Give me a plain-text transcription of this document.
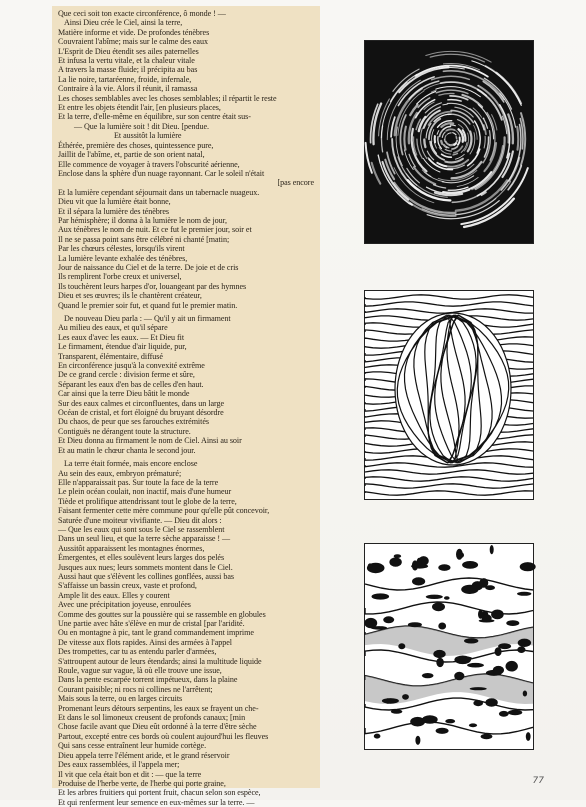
Que ceci soit ton exacte circonférence, ô monde ! —
Ainsi Dieu crée le Ciel, ainsi la terre,
Matière informe et vide. De profondes ténèbres
Couvraient l'abîme; mais sur le calme des eaux
L'Esprit de Dieu étendit ses ailes paternelles
Et infusa la vertu vitale, et la chaleur vitale
A travers la masse fluide; il précipita au bas
La lie noire, tartaréenne, froide, infernale,
Contraire à la vie. Alors il réunit, il ramassa
Les choses semblables avec les choses semblables; il répartit le reste
Et entre les objets étendit l'air, [en plusieurs places,
Et la terre, d'elle-même en équilibre, sur son centre était sus-
— Que la lumière soit ! dit Dieu. [pendue.
Et aussitôt la lumière
Éthérée, première des choses, quintessence pure,
Jaillit de l'abîme, et, partie de son orient natal,
Elle commence de voyager à travers l'obscurité aérienne,
Enclose dans la sphère d'un nuage rayonnant. Car le soleil n'était
[pas encore
Et la lumière cependant séjournait dans un tabernacle nuageux.
Dieu vit que la lumière était bonne,
Et il sépara la lumière des ténèbres
Par hémisphère; il donna à la lumière le nom de jour,
Aux ténèbres le nom de nuit. Et ce fut le premier jour, soir et
Il ne se passa point sans être célébré ni chanté [matin;
Par les chœurs célestes, lorsqu'ils virent
La lumière levante exhalée des ténèbres,
Jour de naissance du Ciel et de la terre. De joie et de cris
Ils remplirent l'orbe creux et universel,
Ils touchèrent leurs harpes d'or, louangeant par des hymnes
Dieu et ses œuvres; ils le chantèrent créateur,
Quand le premier soir fut, et quand fut le premier matin.
De nouveau Dieu parla : — Qu'il y ait un firmament
Au milieu des eaux, et qu'il sépare
Les eaux d'avec les eaux. — Et Dieu fit
Le firmament, étendue d'air liquide, pur,
Transparent, élémentaire, diffusé
En circonférence jusqu'à la convexité extrême
De ce grand cercle : division ferme et sûre,
Séparant les eaux d'en bas de celles d'en haut.
Car ainsi que la terre Dieu bâtit le monde
Sur des eaux calmes et circonfluentes, dans un large
Océan de cristal, et fort éloigné du bruyant désordre
Du chaos, de peur que ses farouches extrémités
Contiguës ne dérangent toute la structure.
Et Dieu donna au firmament le nom de Ciel. Ainsi au soir
Et au matin le chœur chanta le second jour.
La terre était formée, mais encore enclose
Au sein des eaux, embryon prématuré;
Elle n'apparaissait pas. Sur toute la face de la terre
Le plein océan coulait, non inactif, mais d'une humeur
Tiède et prolifique attendrissant tout le globe de la terre,
Faisant fermenter cette mère commune pour qu'elle pût concevoir,
Saturée d'une moiteur vivifiante. — Dieu dit alors :
— Que les eaux qui sont sous le Ciel se rassemblent
Dans un seul lieu, et que la terre sèche apparaisse ! —
Aussitôt apparaissent les montagnes énormes,
Émergentes, et elles soulèvent leurs larges dos pelés
Jusques aux nues; leurs sommets montent dans le Ciel.
Aussi haut que s'élèvent les collines gonflées, aussi bas
S'affaisse un bassin creux, vaste et profond,
Ample lit des eaux. Elles y courent
Avec une précipitation joyeuse, enroulées
Comme des gouttes sur la poussière qui se rassemble en globules
Une partie avec hâte s'élève en mur de cristal [par l'aridité.
Ou en montagne à pic, tant le grand commandement imprime
De vitesse aux flots rapides. Ainsi des armées à l'appel
Des trompettes, car tu as entendu parler d'armées,
S'attroupent autour de leurs étendards; ainsi la multitude liquide
Roule, vague sur vague, là où elle trouve une issue,
Dans la pente escarpée torrent impétueux, dans la plaine
Courant paisible; ni rocs ni collines ne l'arrêtent;
Mais sous la terre, ou en larges circuits
Promenant leurs détours serpentins, les eaux se frayent un che-
Et dans le sol limoneux creusent de profonds canaux; [min
Chose facile avant que Dieu eût ordonné à la terre d'être sèche
Partout, excepté entre ces bords où coulent aujourd'hui les fleuves
Qui sans cesse entraînent leur humide cortège.
Dieu appela terre l'élément aride, et le grand réservoir
Des eaux rassemblées, il l'appela mer;
Il vit que cela était bon et dit : — que la terre
Produise de l'herbe verte, de l'herbe qui porte graine,
Et les arbres fruitiers qui portent fruit, chacun selon son espèce,
Et qui renferment leur semence en eux-mêmes sur la terre. —
77
